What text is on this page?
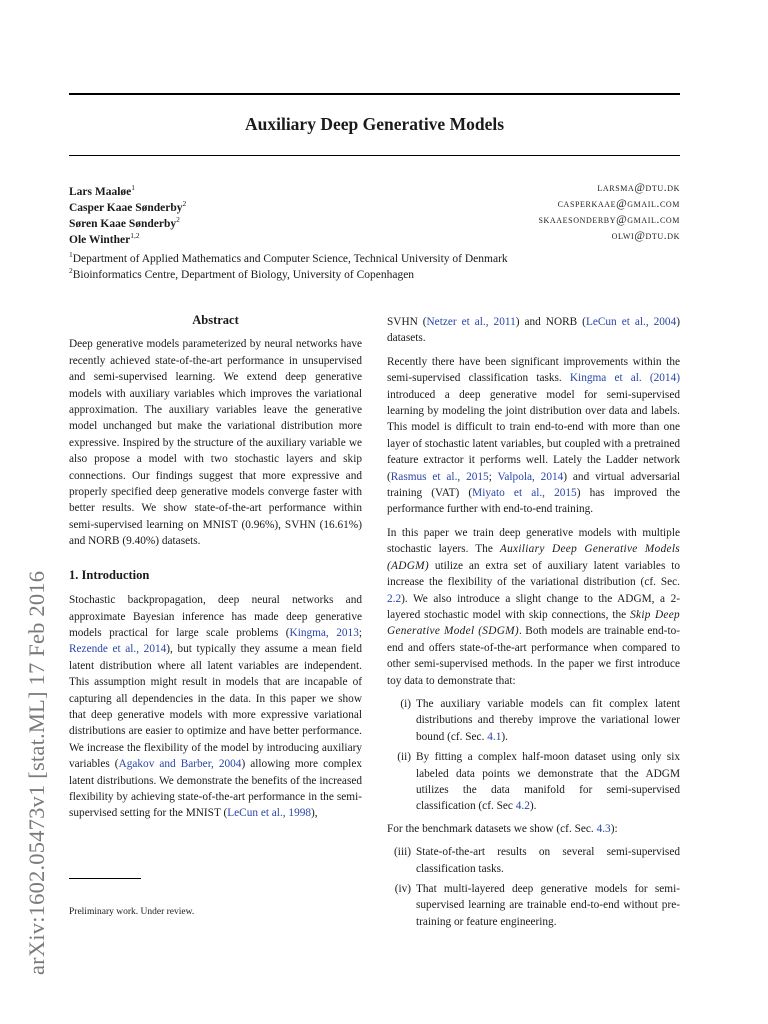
Auxiliary Deep Generative Models
arXiv:1602.05473v1 [stat.ML] 17 Feb 2016
Lars Maaløe$^1$	larsma@dtu.dk
Casper Kaae Sønderby$^2$	casperkaae@gmail.com
Søren Kaae Sønderby$^2$	skaaesonderby@gmail.com
Ole Winther$^{1,2}$	olwi@dtu.dk
$^1$Department of Applied Mathematics and Computer Science, Technical University of Denmark
$^2$Bioinformatics Centre, Department of Biology, University of Copenhagen
Abstract

Deep generative models parameterized by neural networks have recently achieved state-of-the-art performance in unsupervised and semi-supervised learning. We extend deep generative models with auxiliary variables which improves the variational approximation. The auxiliary variables leave the generative model unchanged but make the variational distribution more expressive. Inspired by the structure of the auxiliary variable we also propose a model with two stochastic layers and skip connections. Our findings suggest that more expressive and properly specified deep generative models converge faster with better results. We show state-of-the-art performance within semi-supervised learning on MNIST (0.96%), SVHN (16.61%) and NORB (9.40%) datasets.

1. Introduction

Stochastic backpropagation, deep neural networks and approximate Bayesian inference has made deep generative models practical for large scale problems (Kingma, 2013; Rezende et al., 2014), but typically they assume a mean field latent distribution where all latent variables are independent. This assumption might result in models that are incapable of capturing all dependencies in the data. In this paper we show that deep generative models with more expressive variational distributions are easier to optimize and have better performance. We increase the flexibility of the model by introducing auxiliary variables (Agakov and Barber, 2004) allowing more complex latent distributions. We demonstrate the benefits of the increased flexibility by achieving state-of-the-art performance in the semi-supervised setting for the MNIST (LeCun et al., 1998),

SVHN (Netzer et al., 2011) and NORB (LeCun et al., 2004) datasets.

Recently there have been significant improvements within the semi-supervised classification tasks. Kingma et al. (2014) introduced a deep generative model for semi-supervised learning by modeling the joint distribution over data and labels. This model is difficult to train end-to-end with more than one layer of stochastic latent variables, but coupled with a pretrained feature extractor it performs well. Lately the Ladder network (Rasmus et al., 2015; Valpola, 2014) and virtual adversarial training (VAT) (Miyato et al., 2015) has improved the performance further with end-to-end training.

In this paper we train deep generative models with multiple stochastic layers. The Auxiliary Deep Generative Models (ADGM) utilize an extra set of auxiliary latent variables to increase the flexibility of the variational distribution (cf. Sec. 2.2). We also introduce a slight change to the ADGM, a 2-layered stochastic model with skip connections, the Skip Deep Generative Model (SDGM). Both models are trainable end-to-end and offers state-of-the-art performance when compared to other semi-supervised methods. In the paper we first introduce toy data to demonstrate that:

(i) The auxiliary variable models can fit complex latent distributions and thereby improve the variational lower bound (cf. Sec. 4.1).
(ii) By fitting a complex half-moon dataset using only six labeled data points we demonstrate that the ADGM utilizes the data manifold for semi-supervised classification (cf. Sec 4.2).

For the benchmark datasets we show (cf. Sec. 4.3):

(iii) State-of-the-art results on several semi-supervised classification tasks.
(iv) That multi-layered deep generative models for semi-supervised learning are trainable end-to-end without pre-training or feature engineering.
Preliminary work. Under review.
